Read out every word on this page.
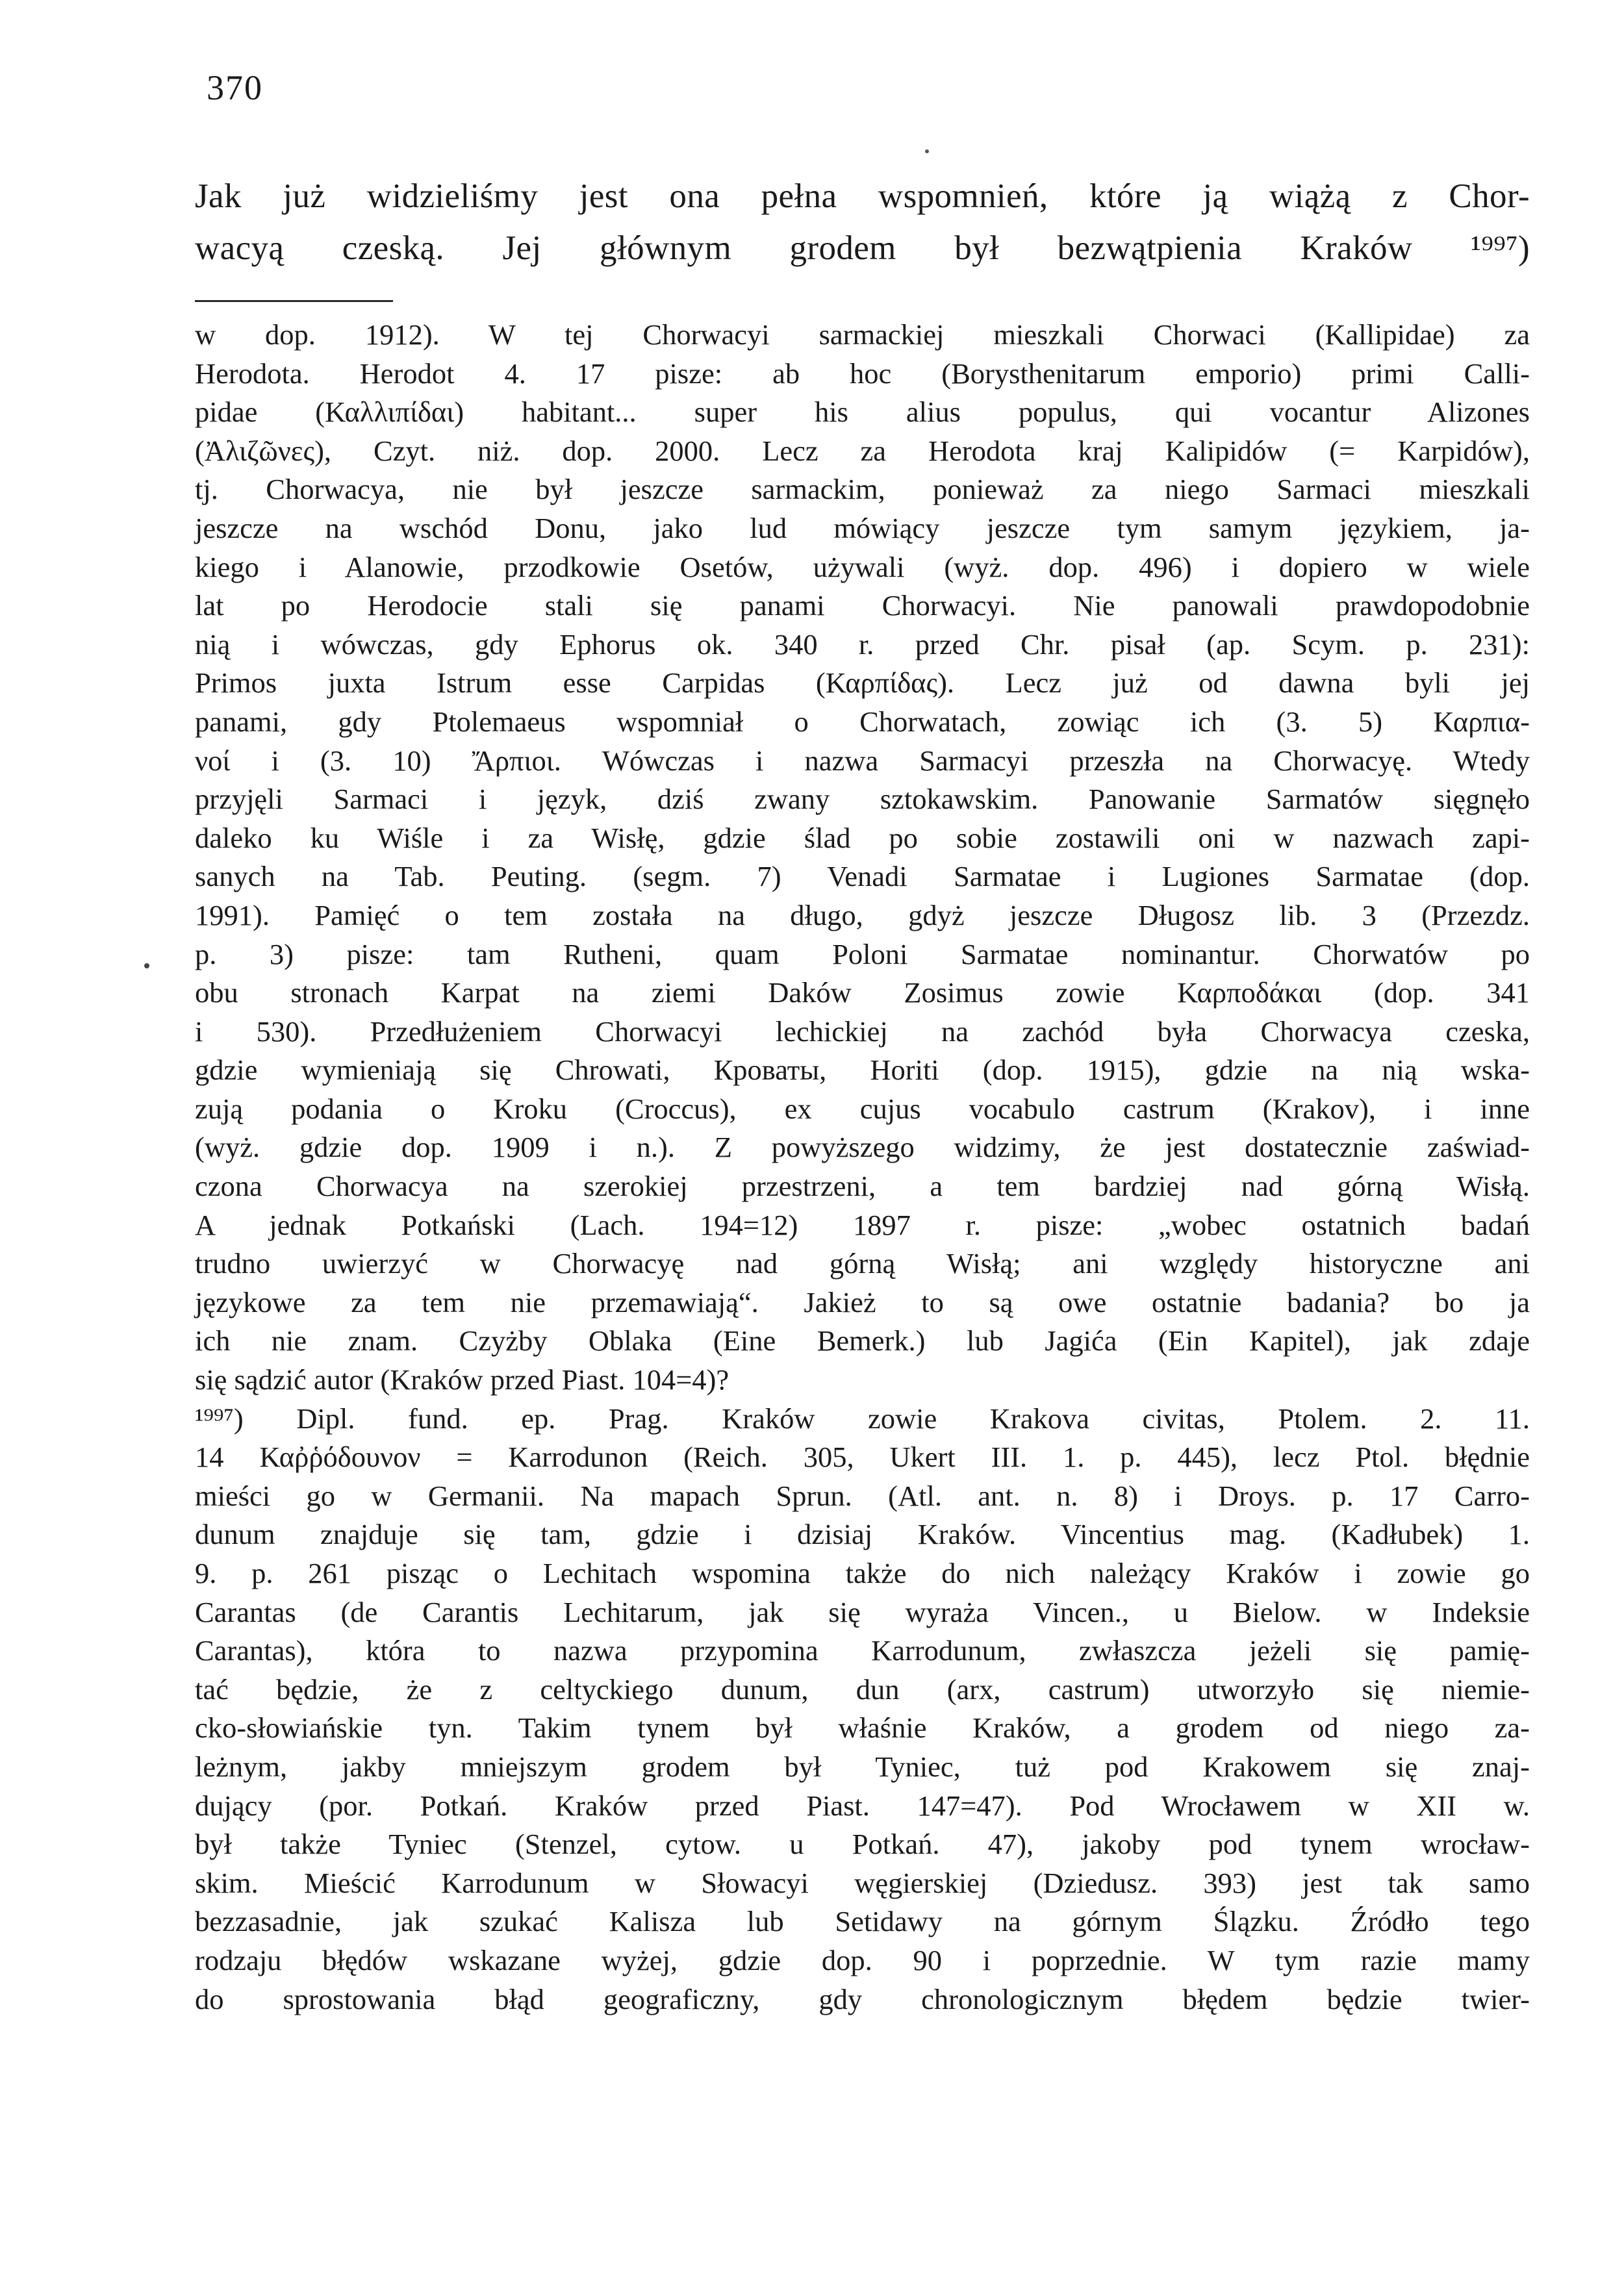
370
Jak już widzieliśmy jest ona pełna wspomnień, które ją wiążą z Chor-
wacyą czeską. Jej głównym grodem był bezwątpienia Kraków ¹⁹⁹⁷)
w dop. 1912). W tej Chorwacyi sarmackiej mieszkali Chorwaci (Kallipidae) za
Herodota. Herodot 4. 17 pisze: ab hoc (Borysthenitarum emporio) primi Calli-
pidae (Καλλιπίδαι) habitant... super his alius populus, qui vocantur Alizones
(Ἀλιζῶνες), Czyt. niż. dop. 2000. Lecz za Herodota kraj Kalipidów (= Karpidów),
tj. Chorwacya, nie był jeszcze sarmackim, ponieważ za niego Sarmaci mieszkali
jeszcze na wschód Donu, jako lud mówiący jeszcze tym samym językiem, ja-
kiego i Alanowie, przodkowie Osetów, używali (wyż. dop. 496) i dopiero w wiele
lat po Herodocie stali się panami Chorwacyi. Nie panowali prawdopodobnie
nią i wówczas, gdy Ephorus ok. 340 r. przed Chr. pisał (ap. Scym. p. 231):
Primos juxta Istrum esse Carpidas (Καρπίδας). Lecz już od dawna byli jej
panami, gdy Ptolemaeus wspomniał o Chorwatach, zowiąc ich (3. 5) Καρπια-
νοί i (3. 10) Ἄρπιοι. Wówczas i nazwa Sarmacyi przeszła na Chorwacyę. Wtedy
przyjęli Sarmaci i język, dziś zwany sztokawskim. Panowanie Sarmatów sięgnęło
daleko ku Wiśle i za Wisłę, gdzie ślad po sobie zostawili oni w nazwach zapi-
sanych na Tab. Peuting. (segm. 7) Venadi Sarmatae i Lugiones Sarmatae (dop.
1991). Pamięć o tem została na długo, gdyż jeszcze Długosz lib. 3 (Przezdz.
p. 3) pisze: tam Rutheni, quam Poloni Sarmatae nominantur. Chorwatów po
obu stronach Karpat na ziemi Daków Zosimus zowie Καρποδάκαι (dop. 341
i 530). Przedłużeniem Chorwacyi lechickiej na zachód była Chorwacya czeska,
gdzie wymieniają się Chrowati, Кроваты, Horiti (dop. 1915), gdzie na nią wska-
zują podania o Kroku (Croccus), ex cujus vocabulo castrum (Krakov), i inne
(wyż. gdzie dop. 1909 i n.). Z powyższego widzimy, że jest dostatecznie zaświad-
czona Chorwacya na szerokiej przestrzeni, a tem bardziej nad górną Wisłą.
A jednak Potkański (Lach. 194=12) 1897 r. pisze: „wobec ostatnich badań
trudno uwierzyć w Chorwacyę nad górną Wisłą; ani względy historyczne ani
językowe za tem nie przemawiają“. Jakież to są owe ostatnie badania? bo ja
ich nie znam. Czyżby Oblaka (Eine Bemerk.) lub Jagića (Ein Kapitel), jak zdaje
się sądzić autor (Kraków przed Piast. 104=4)?
¹⁹⁹⁷) Dipl. fund. ep. Prag. Kraków zowie Krakova civitas, Ptolem. 2. 11.
14 Καῤῥόδουνον = Karrodunon (Reich. 305, Ukert III. 1. p. 445), lecz Ptol. błędnie
mieści go w Germanii. Na mapach Sprun. (Atl. ant. n. 8) i Droys. p. 17 Carro-
dunum znajduje się tam, gdzie i dzisiaj Kraków. Vincentius mag. (Kadłubek) 1.
9. p. 261 pisząc o Lechitach wspomina także do nich należący Kraków i zowie go
Carantas (de Carantis Lechitarum, jak się wyraża Vincen., u Bielow. w Indeksie
Carantas), która to nazwa przypomina Karrodunum, zwłaszcza jeżeli się pamię-
tać będzie, że z celtyckiego dunum, dun (arx, castrum) utworzyło się niemie-
cko-słowiańskie tyn. Takim tynem był właśnie Kraków, a grodem od niego za-
leżnym, jakby mniejszym grodem był Tyniec, tuż pod Krakowem się znaj-
dujący (por. Potkań. Kraków przed Piast. 147=47). Pod Wrocławem w XII w.
był także Tyniec (Stenzel, cytow. u Potkań. 47), jakoby pod tynem wrocław-
skim. Mieścić Karrodunum w Słowacyi węgierskiej (Dziedusz. 393) jest tak samo
bezzasadnie, jak szukać Kalisza lub Setidawy na górnym Ślązku. Źródło tego
rodzaju błędów wskazane wyżej, gdzie dop. 90 i poprzednie. W tym razie mamy
do sprostowania błąd geograficzny, gdy chronologicznym błędem będzie twier-
